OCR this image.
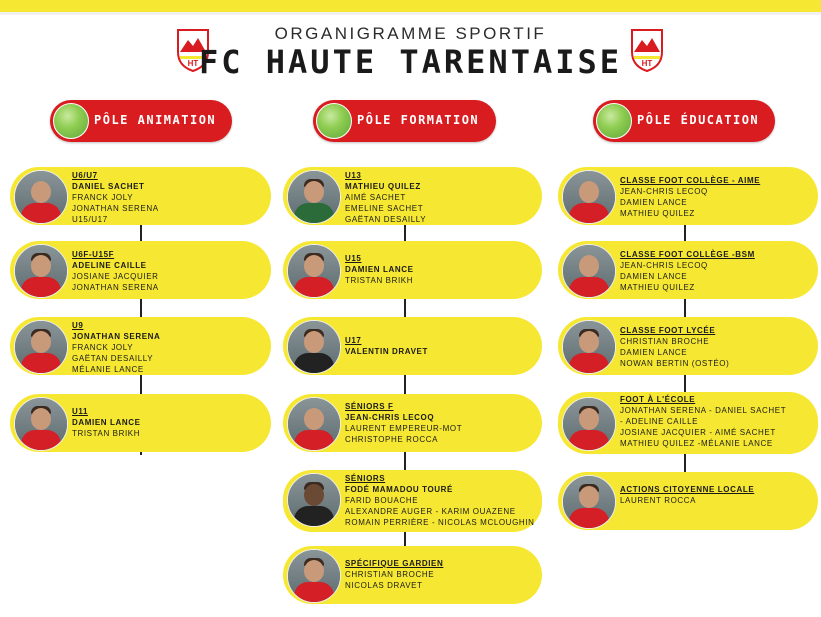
HT	HT
ORGANIGRAMME SPORTIF
FC HAUTE TARENTAISE
PÔLE ANIMATION	PÔLE FORMATION	PÔLE ÉDUCATION
U6/U7
DANIEL SACHET
FRANCK JOLY
JONATHAN SERENA
U15/U17
U6F-U15F
ADELINE CAILLE
JOSIANE JACQUIER
JONATHAN SERENA
U9
JONATHAN SERENA
FRANCK JOLY
GAËTAN DESAILLY
MÉLANIE LANCE
U11
DAMIEN LANCE
TRISTAN BRIKH
U13
MATHIEU QUILEZ
AIMÉ SACHET
EMELINE SACHET
GAËTAN DESAILLY
U15
DAMIEN LANCE
TRISTAN BRIKH
U17
VALENTIN DRAVET
SÉNIORS F
JEAN-CHRIS LECOQ
LAURENT EMPEREUR-MOT
CHRISTOPHE ROCCA
SÉNIORS
FODÉ MAMADOU TOURÉ
FARID BOUACHE
ALEXANDRE AUGER - KARIM OUAZENE
ROMAIN PERRIÈRE - NICOLAS MCLOUGHIN
SPÉCIFIQUE GARDIEN
CHRISTIAN BROCHE
NICOLAS DRAVET
CLASSE FOOT COLLÈGE - AIME
JEAN-CHRIS LECOQ
DAMIEN LANCE
MATHIEU QUILEZ
CLASSE FOOT COLLÈGE -BSM
JEAN-CHRIS LECOQ
DAMIEN LANCE
MATHIEU QUILEZ
CLASSE FOOT LYCÉE
CHRISTIAN BROCHE
DAMIEN LANCE
NOWAN BERTIN (OSTÉO)
FOOT À L'ÉCOLE
JONATHAN SERENA - DANIEL SACHET
- ADELINE CAILLE
JOSIANE JACQUIER - AIMÉ SACHET
MATHIEU QUILEZ -MÉLANIE LANCE
ACTIONS CITOYENNE LOCALE
LAURENT ROCCA
